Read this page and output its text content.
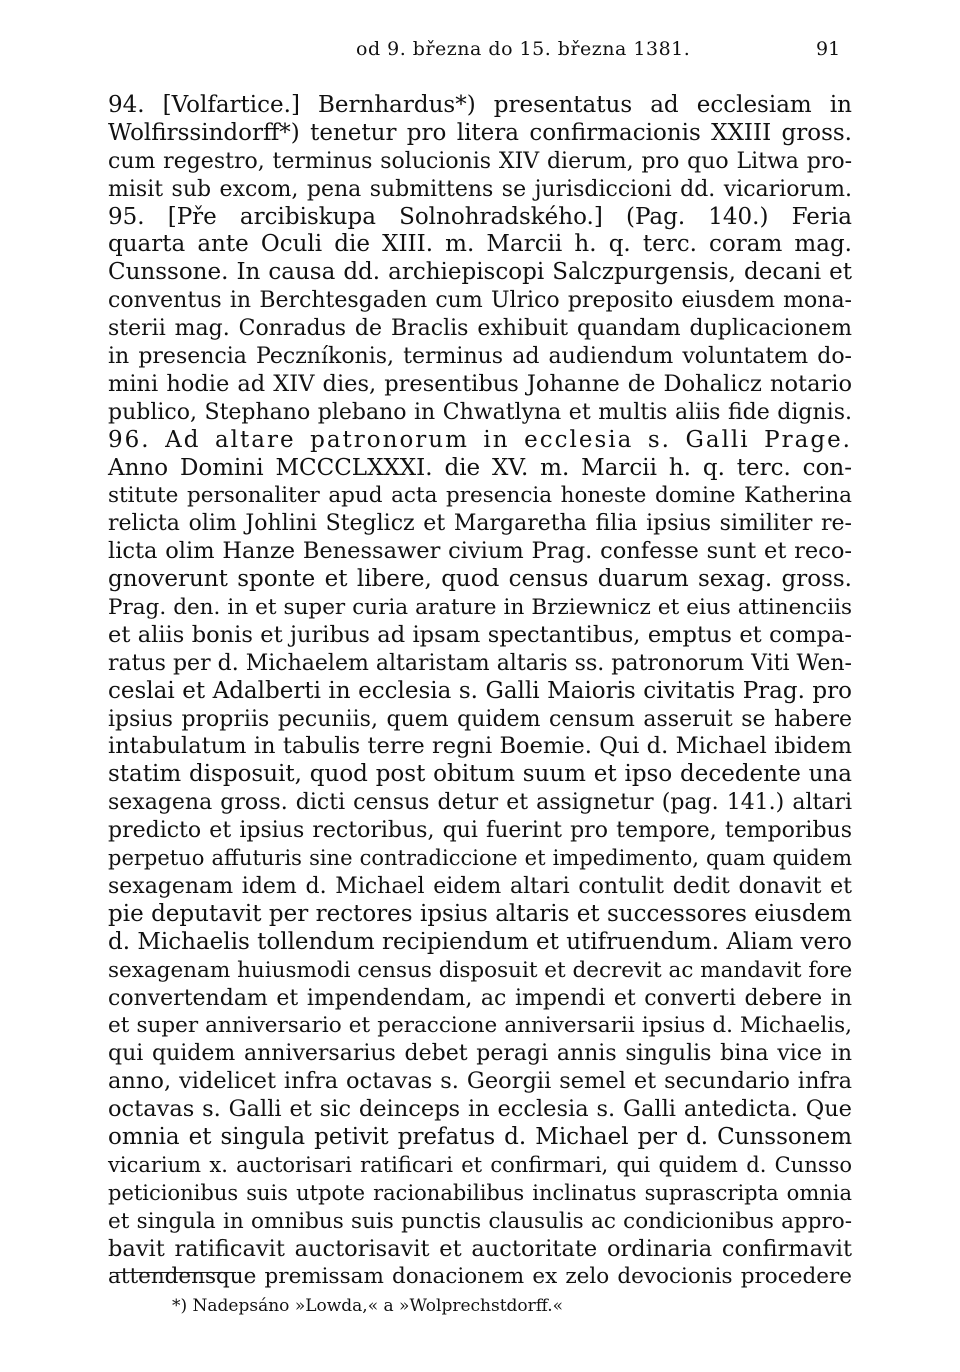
od 9. března do 15. března 1381.	91
94. [Volfartice.] Bernhardus*) presentatus ad ecclesiam in
Wolfirssindorff*) tenetur pro litera confirmacionis XXIII gross.
cum regestro, terminus solucionis XIV dierum, pro quo Litwa pro-
misit sub excom, pena submittens se jurisdiccioni dd. vicariorum.
95. [Pře arcibiskupa Solnohradského.] (Pag. 140.) Feria
quarta ante Oculi die XIII. m. Marcii h. q. terc. coram mag.
Cunssone. In causa dd. archiepiscopi Salczpurgensis, decani et
conventus in Berchtesgaden cum Ulrico preposito eiusdem mona-
sterii mag. Conradus de Braclis exhibuit quandam duplicacionem
in presencia Peczníkonis, terminus ad audiendum voluntatem do-
mini hodie ad XIV dies, presentibus Johanne de Dohalicz notario
publico, Stephano plebano in Chwatlyna et multis aliis fide dignis.
96. Ad altare patronorum in ecclesia s. Galli Prage.
Anno Domini MCCCLXXXI. die XV. m. Marcii h. q. terc. con-
stitute personaliter apud acta presencia honeste domine Katherina
relicta olim Johlini Steglicz et Margaretha filia ipsius similiter re-
licta olim Hanze Benessawer civium Prag. confesse sunt et reco-
gnoverunt sponte et libere, quod census duarum sexag. gross.
Prag. den. in et super curia arature in Brziewnicz et eius attinenciis
et aliis bonis et juribus ad ipsam spectantibus, emptus et compa-
ratus per d. Michaelem altaristam altaris ss. patronorum Viti Wen-
ceslai et Adalberti in ecclesia s. Galli Maioris civitatis Prag. pro
ipsius propriis pecuniis, quem quidem censum asseruit se habere
intabulatum in tabulis terre regni Boemie. Qui d. Michael ibidem
statim disposuit, quod post obitum suum et ipso decedente una
sexagena gross. dicti census detur et assignetur (pag. 141.) altari
predicto et ipsius rectoribus, qui fuerint pro tempore, temporibus
perpetuo affuturis sine contradiccione et impedimento, quam quidem
sexagenam idem d. Michael eidem altari contulit dedit donavit et
pie deputavit per rectores ipsius altaris et successores eiusdem
d. Michaelis tollendum recipiendum et utifruendum. Aliam vero
sexagenam huiusmodi census disposuit et decrevit ac mandavit fore
convertendam et impendendam, ac impendi et converti debere in
et super anniversario et peraccione anniversarii ipsius d. Michaelis,
qui quidem anniversarius debet peragi annis singulis bina vice in
anno, videlicet infra octavas s. Georgii semel et secundario infra
octavas s. Galli et sic deinceps in ecclesia s. Galli antedicta. Que
omnia et singula petivit prefatus d. Michael per d. Cunssonem
vicarium x. auctorisari ratificari et confirmari, qui quidem d. Cunsso
peticionibus suis utpote racionabilibus inclinatus suprascripta omnia
et singula in omnibus suis punctis clausulis ac condicionibus appro-
bavit ratificavit auctorisavit et auctoritate ordinaria confirmavit
attendensque premissam donacionem ex zelo devocionis procedere
*) Nadepsáno »Lowda,« a »Wolprechstdorff.«
